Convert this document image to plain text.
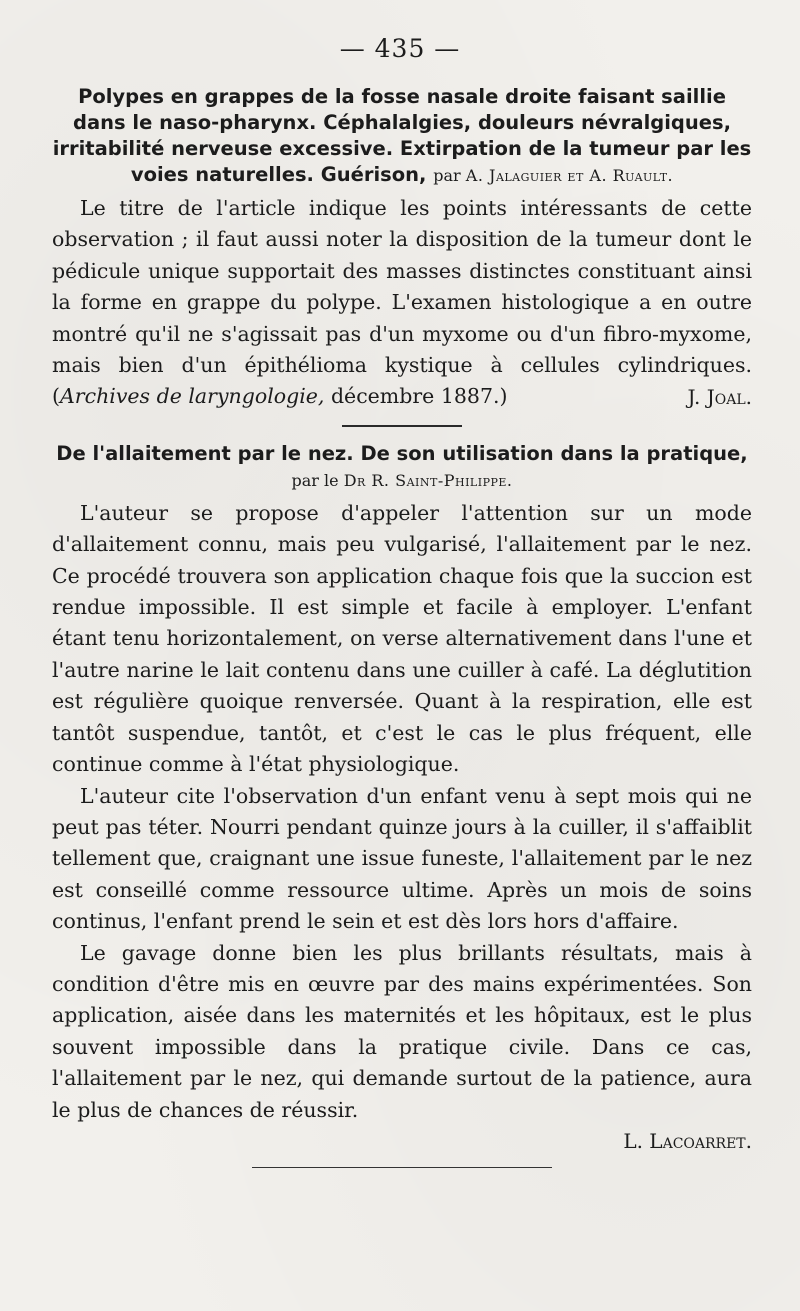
— 435 —

Polypes en grappes de la fosse nasale droite faisant saillie dans le naso-pharynx. Céphalalgies, douleurs névralgiques, irritabilité nerveuse excessive. Extirpation de la tumeur par les voies naturelles. Guérison, par A. Jalaguier et A. Ruault.

Le titre de l'article indique les points intéressants de cette observation ; il faut aussi noter la disposition de la tumeur dont le pédicule unique supportait des masses distinctes constituant ainsi la forme en grappe du polype. L'examen histologique a en outre montré qu'il ne s'agissait pas d'un myxome ou d'un fibro-myxome, mais bien d'un épithélioma kystique à cellules cylindriques. (Archives de laryngologie, décembre 1887.)	J. Joal.

De l'allaitement par le nez. De son utilisation dans la pratique, par le Dr R. Saint-Philippe.

L'auteur se propose d'appeler l'attention sur un mode d'allaitement connu, mais peu vulgarisé, l'allaitement par le nez. Ce procédé trouvera son application chaque fois que la succion est rendue impossible. Il est simple et facile à employer. L'enfant étant tenu horizontalement, on verse alternativement dans l'une et l'autre narine le lait contenu dans une cuiller à café. La déglutition est régulière quoique renversée. Quant à la respiration, elle est tantôt suspendue, tantôt, et c'est le cas le plus fréquent, elle continue comme à l'état physiologique.

L'auteur cite l'observation d'un enfant venu à sept mois qui ne peut pas téter. Nourri pendant quinze jours à la cuiller, il s'affaiblit tellement que, craignant une issue funeste, l'allaitement par le nez est conseillé comme ressource ultime. Après un mois de soins continus, l'enfant prend le sein et est dès lors hors d'affaire.

Le gavage donne bien les plus brillants résultats, mais à condition d'être mis en œuvre par des mains expérimentées. Son application, aisée dans les maternités et les hôpitaux, est le plus souvent impossible dans la pratique civile. Dans ce cas, l'allaitement par le nez, qui demande surtout de la patience, aura le plus de chances de réussir.

L. Lacoarret.
